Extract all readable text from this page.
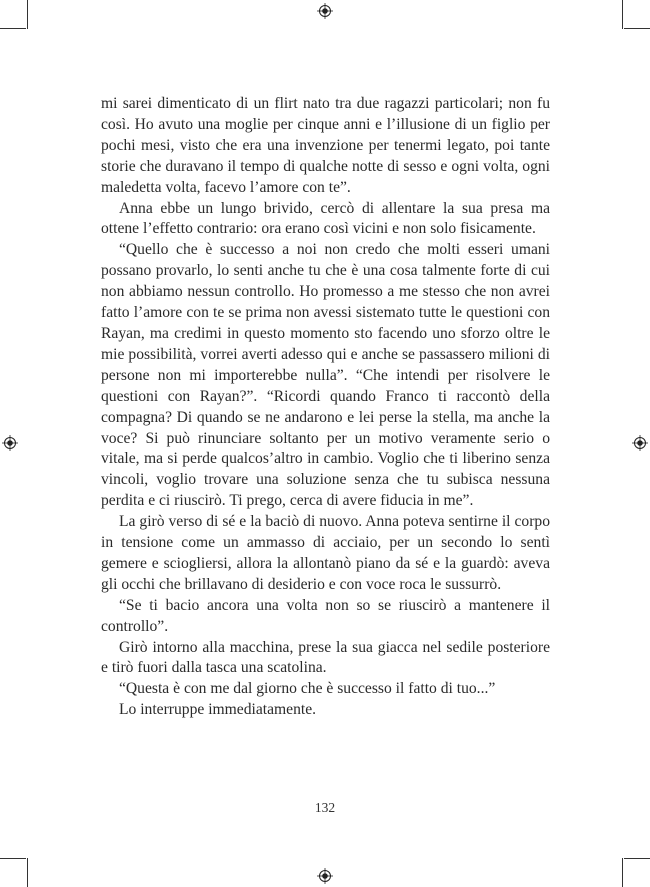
mi sarei dimenticato di un flirt nato tra due ragazzi particolari; non fu così. Ho avuto una moglie per cinque anni e l’illusione di un figlio per pochi mesi, visto che era una invenzione per tenermi legato, poi tante storie che duravano il tempo di qualche notte di sesso e ogni volta, ogni maledetta volta, facevo l’amore con te”.

Anna ebbe un lungo brivido, cercò di allentare la sua presa ma ottene l’effetto contrario: ora erano così vicini e non solo fisicamente.

“Quello che è successo a noi non credo che molti esseri umani possano provarlo, lo senti anche tu che è una cosa talmente forte di cui non abbiamo nessun controllo. Ho promesso a me stesso che non avrei fatto l’amore con te se prima non avessi sistemato tutte le questioni con Rayan, ma credimi in questo momento sto facendo uno sforzo oltre le mie possibilità, vorrei averti adesso qui e anche se passassero milioni di persone non mi importerebbe nulla”. “Che intendi per risolvere le questioni con Rayan?”. “Ricordi quando Franco ti raccontò della compagna? Di quando se ne andarono e lei perse la stella, ma anche la voce? Si può rinunciare soltanto per un motivo veramente serio o vitale, ma si perde qualcos’altro in cambio. Voglio che ti liberino senza vincoli, voglio trovare una soluzione senza che tu subisca nessuna perdita e ci riuscirò. Ti prego, cerca di avere fiducia in me”.

La girò verso di sé e la baciò di nuovo. Anna poteva sentirne il corpo in tensione come un ammasso di acciaio, per un secondo lo sentì gemere e sciogliersi, allora la allontanò piano da sé e la guardò: aveva gli occhi che brillavano di desiderio e con voce roca le sussurrò.

“Se ti bacio ancora una volta non so se riuscirò a mantenere il controllo”.

Girò intorno alla macchina, prese la sua giacca nel sedile posteriore e tirò fuori dalla tasca una scatolina.

“Questa è con me dal giorno che è successo il fatto di tuo...”

Lo interruppe immediatamente.

132
